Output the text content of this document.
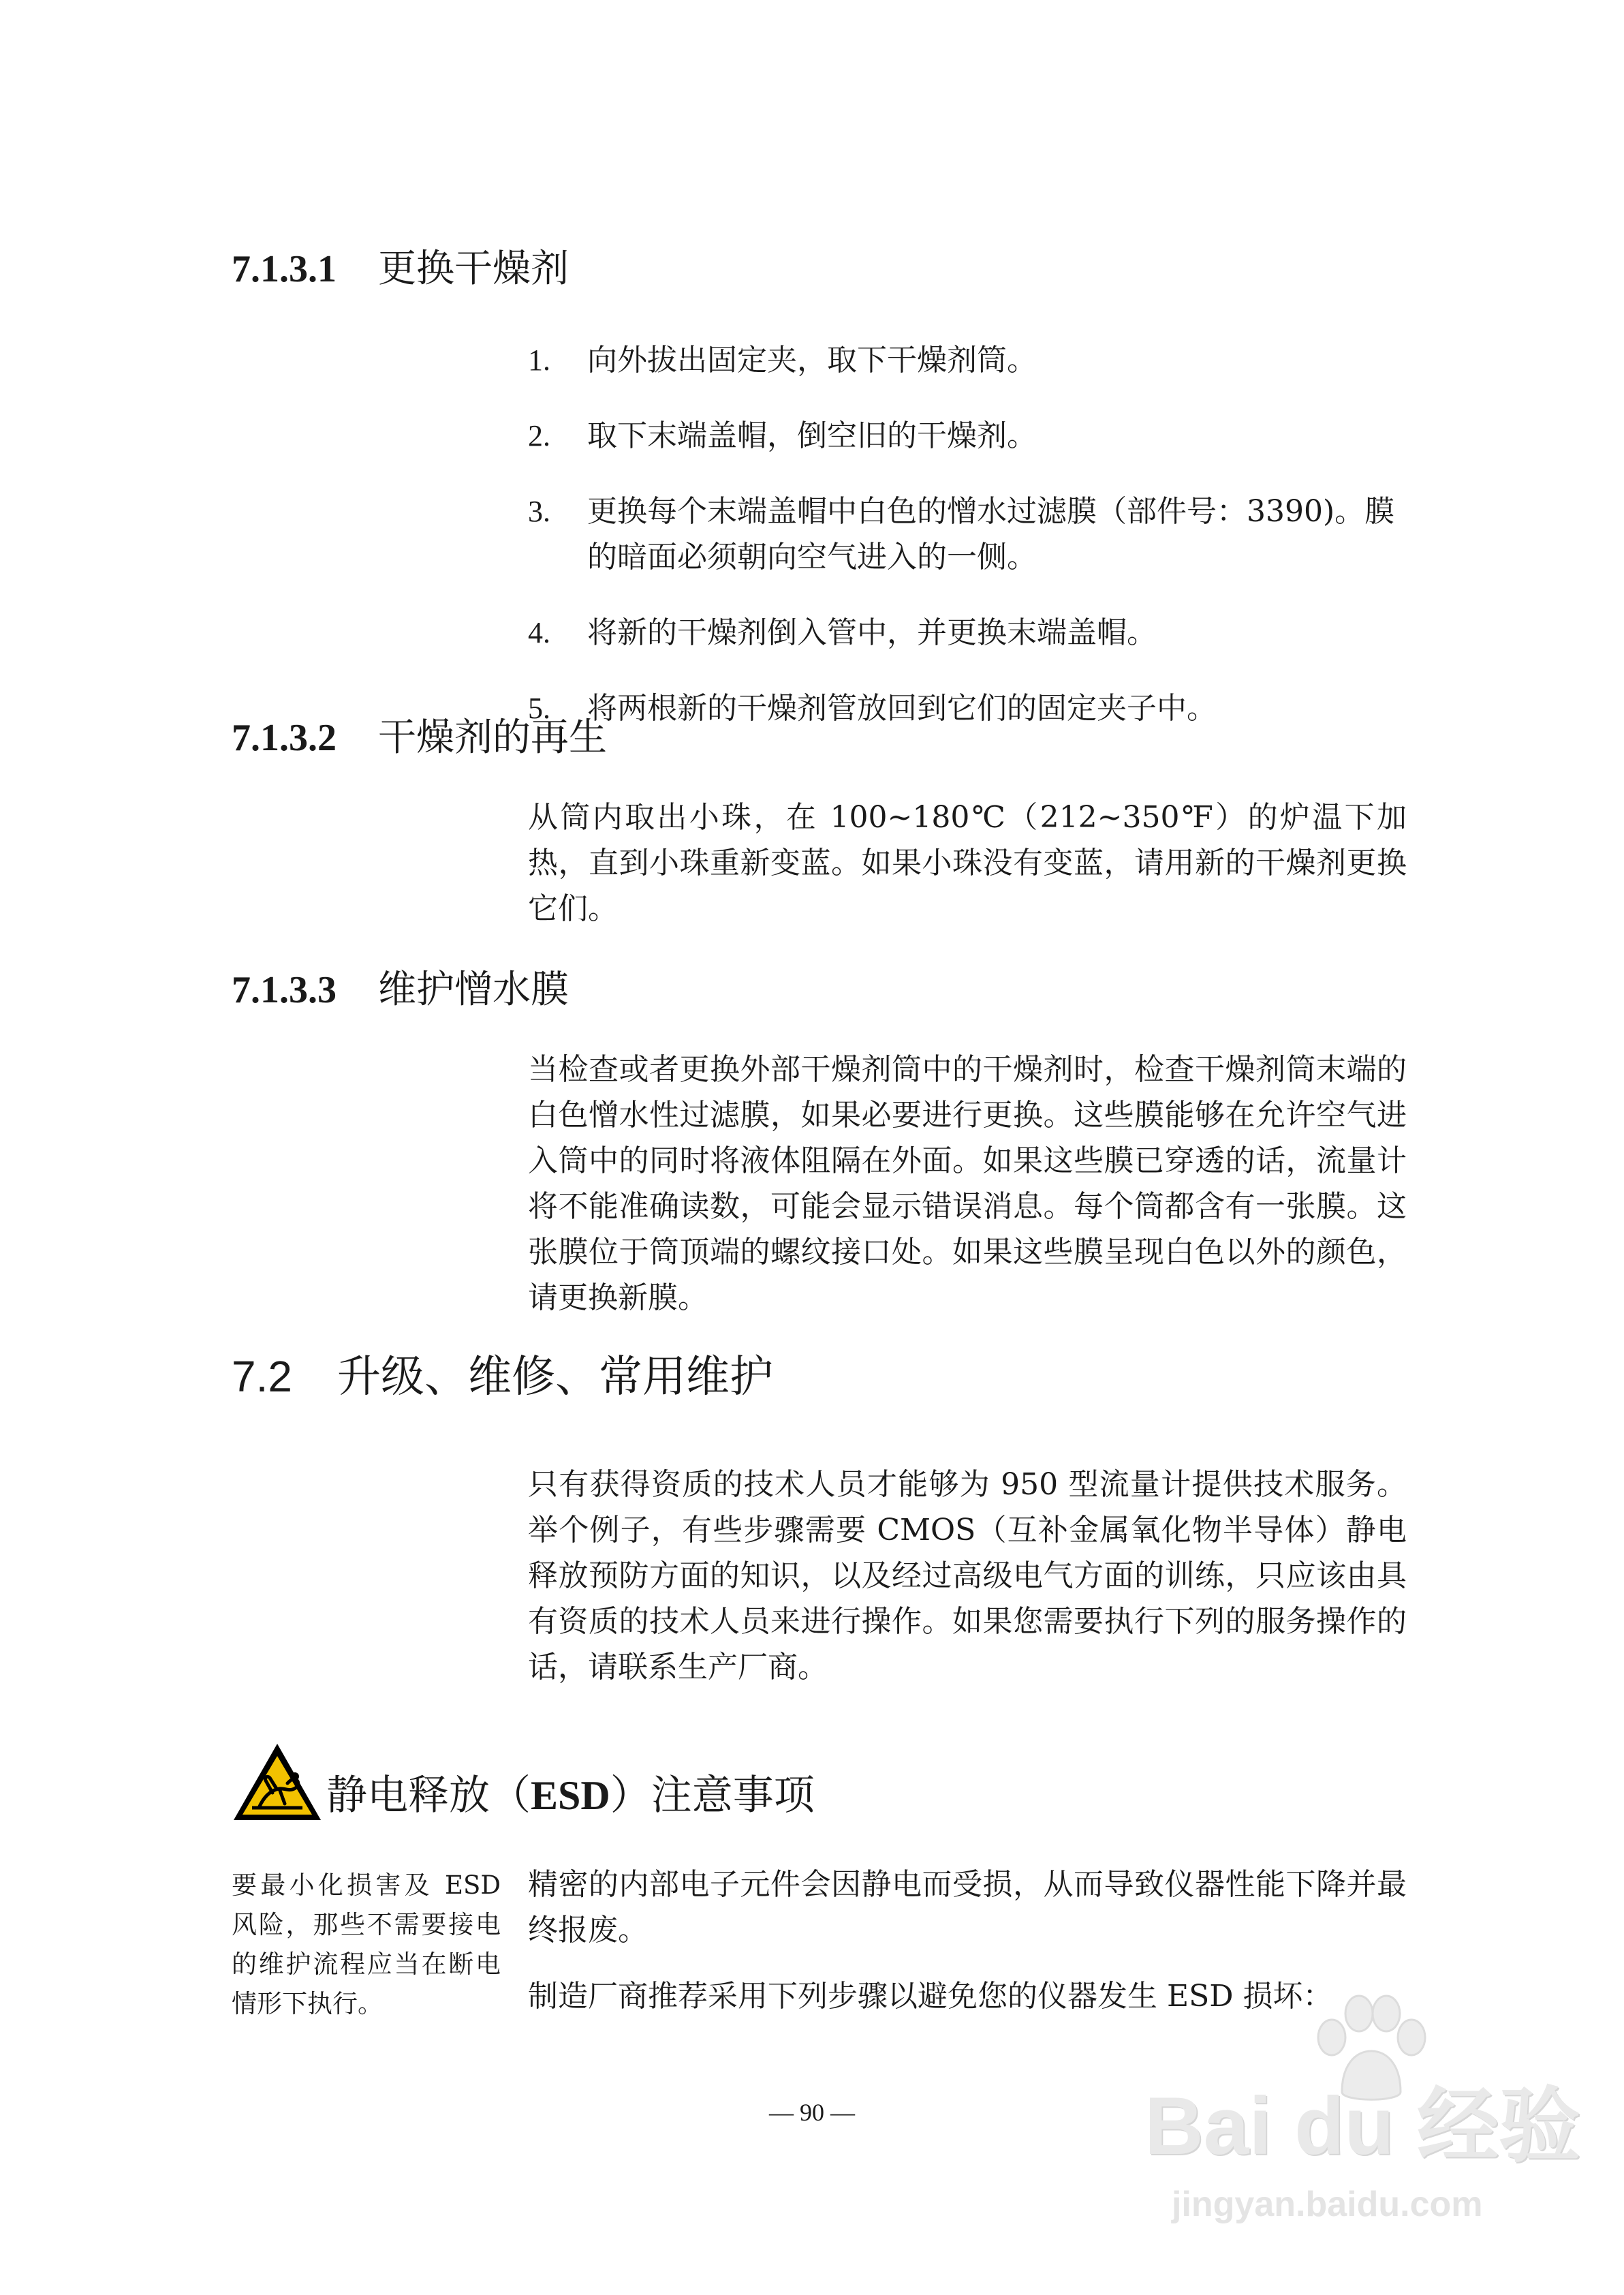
7.1.3.1 更换干燥剂
1.	向外拔出固定夹，取下干燥剂筒。
2.	取下末端盖帽，倒空旧的干燥剂。
3.	更换每个末端盖帽中白色的憎水过滤膜（部件号：3390)。膜的暗面必须朝向空气进入的一侧。
4.	将新的干燥剂倒入管中，并更换末端盖帽。
5.	将两根新的干燥剂管放回到它们的固定夹子中。
7.1.3.2 干燥剂的再生

从筒内取出小珠，在 100~180℃（212~350℉）的炉温下加热，直到小珠重新变蓝。如果小珠没有变蓝，请用新的干燥剂更换它们。

7.1.3.3 维护憎水膜

当检查或者更换外部干燥剂筒中的干燥剂时，检查干燥剂筒末端的白色憎水性过滤膜，如果必要进行更换。这些膜能够在允许空气进入筒中的同时将液体阻隔在外面。如果这些膜已穿透的话，流量计将不能准确读数，可能会显示错误消息。每个筒都含有一张膜。这张膜位于筒顶端的螺纹接口处。如果这些膜呈现白色以外的颜色，请更换新膜。

7.2 升级、维修、常用维护

只有获得资质的技术人员才能够为 950 型流量计提供技术服务。举个例子，有些步骤需要 CMOS（互补金属氧化物半导体）静电释放预防方面的知识，以及经过高级电气方面的训练，只应该由具有资质的技术人员来进行操作。如果您需要执行下列的服务操作的话，请联系生产厂商。

静电释放（ESD）注意事项
要最小化损害及 ESD 风险，那些不需要接电的维护流程应当在断电情形下执行。

精密的内部电子元件会因静电而受损，从而导致仪器性能下降并最终报废。

制造厂商推荐采用下列步骤以避免您的仪器发生 ESD 损坏：

— 90 —	Bai du 经验
jingyan.baidu.com
